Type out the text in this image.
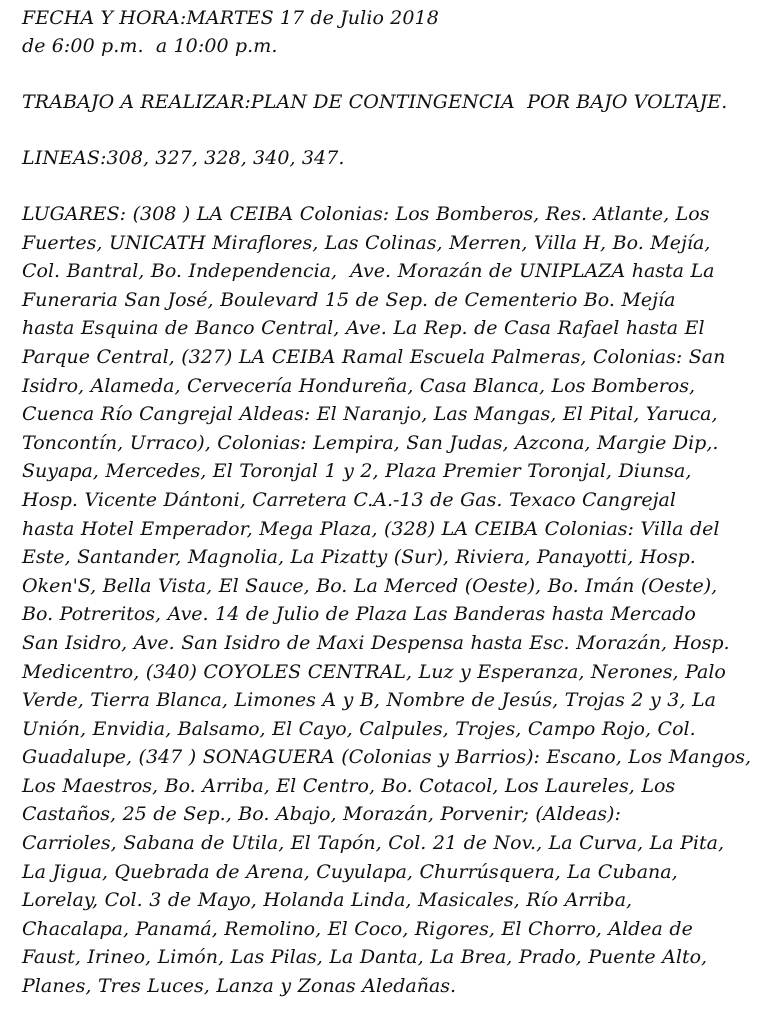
FECHA Y HORA:MARTES 17 de Julio 2018
de 6:00 p.m.  a 10:00 p.m.
TRABAJO A REALIZAR:PLAN DE CONTINGENCIA  POR BAJO VOLTAJE.
LINEAS:308, 327, 328, 340, 347.
LUGARES: (308 ) LA CEIBA Colonias: Los Bomberos, Res. Atlante, Los
Fuertes, UNICATH Miraflores, Las Colinas, Merren, Villa H, Bo. Mejía,
Col. Bantral, Bo. Independencia,  Ave. Morazán de UNIPLAZA hasta La
Funeraria San José, Boulevard 15 de Sep. de Cementerio Bo. Mejía
hasta Esquina de Banco Central, Ave. La Rep. de Casa Rafael hasta El
Parque Central, (327) LA CEIBA Ramal Escuela Palmeras, Colonias: San
Isidro, Alameda, Cervecería Hondureña, Casa Blanca, Los Bomberos,
Cuenca Río Cangrejal Aldeas: El Naranjo, Las Mangas, El Pital, Yaruca,
Toncontín, Urraco), Colonias: Lempira, San Judas, Azcona, Margie Dip,.
Suyapa, Mercedes, El Toronjal 1 y 2, Plaza Premier Toronjal, Diunsa,
Hosp. Vicente Dántoni, Carretera C.A.-13 de Gas. Texaco Cangrejal
hasta Hotel Emperador, Mega Plaza, (328) LA CEIBA Colonias: Villa del
Este, Santander, Magnolia, La Pizatty (Sur), Riviera, Panayotti, Hosp.
Oken'S, Bella Vista, El Sauce, Bo. La Merced (Oeste), Bo. Imán (Oeste),
Bo. Potreritos, Ave. 14 de Julio de Plaza Las Banderas hasta Mercado
San Isidro, Ave. San Isidro de Maxi Despensa hasta Esc. Morazán, Hosp.
Medicentro, (340) COYOLES CENTRAL, Luz y Esperanza, Nerones, Palo
Verde, Tierra Blanca, Limones A y B, Nombre de Jesús, Trojas 2 y 3, La
Unión, Envidia, Balsamo, El Cayo, Calpules, Trojes, Campo Rojo, Col.
Guadalupe, (347 ) SONAGUERA (Colonias y Barrios): Escano, Los Mangos,
Los Maestros, Bo. Arriba, El Centro, Bo. Cotacol, Los Laureles, Los
Castaños, 25 de Sep., Bo. Abajo, Morazán, Porvenir; (Aldeas):
Carrioles, Sabana de Utila, El Tapón, Col. 21 de Nov., La Curva, La Pita,
La Jigua, Quebrada de Arena, Cuyulapa, Churrúsquera, La Cubana,
Lorelay, Col. 3 de Mayo, Holanda Linda, Masicales, Río Arriba,
Chacalapa, Panamá, Remolino, El Coco, Rigores, El Chorro, Aldea de
Faust, Irineo, Limón, Las Pilas, La Danta, La Brea, Prado, Puente Alto,
Planes, Tres Luces, Lanza y Zonas Aledañas.
